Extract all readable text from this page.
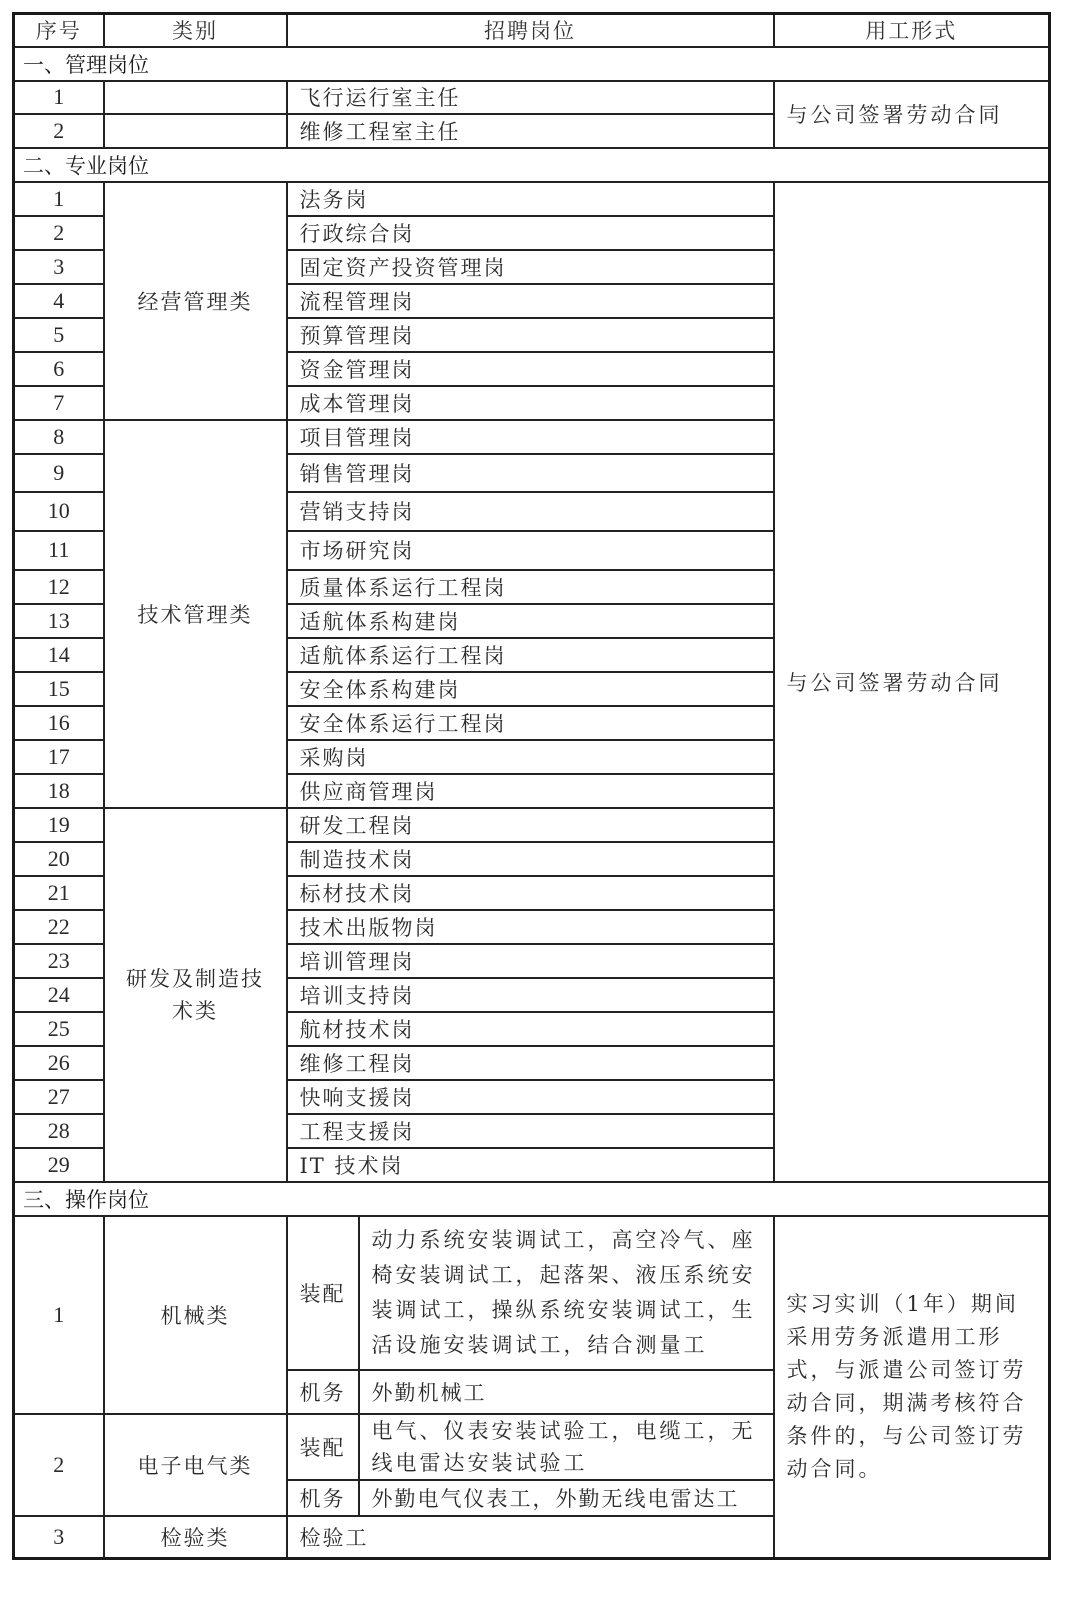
序号	类别	招聘岗位		用工形式
一、管理岗位				
1		飞行运行室主任		与公司签署劳动合同
2		维修工程室主任		
二、专业岗位				
1	经营管理类	法务岗		与公司签署劳动合同
2		行政综合岗		
3		固定资产投资管理岗		
4		流程管理岗		
5		预算管理岗		
6		资金管理岗		
7		成本管理岗		
8	技术管理类	项目管理岗		
9		销售管理岗		
10		营销支持岗		
11		市场研究岗		
12		质量体系运行工程岗		
13		适航体系构建岗		
14		适航体系运行工程岗		
15		安全体系构建岗		
16		安全体系运行工程岗		
17		采购岗		
18		供应商管理岗		
19	研发及制造技术类	研发工程岗		
20		制造技术岗		
21		标材技术岗		
22		技术出版物岗		
23		培训管理岗		
24		培训支持岗		
25		航材技术岗		
26		维修工程岗		
27		快响支援岗		
28		工程支援岗		
29		IT 技术岗		
三、操作岗位				
1	机械类	装配	动力系统安装调试工，高空冷气、座椅安装调试工，起落架、液压系统安装调试工，操纵系统安装调试工，生活设施安装调试工，结合测量工	实习实训（1年）期间采用劳务派遣用工形式，与派遣公司签订劳动合同，期满考核符合条件的，与公司签订劳动合同。
		机务	外勤机械工	
2	电子电气类	装配	电气、仪表安装试验工，电缆工，无线电雷达安装试验工	
		机务	外勤电气仪表工，外勤无线电雷达工	
3	检验类	检验工		
